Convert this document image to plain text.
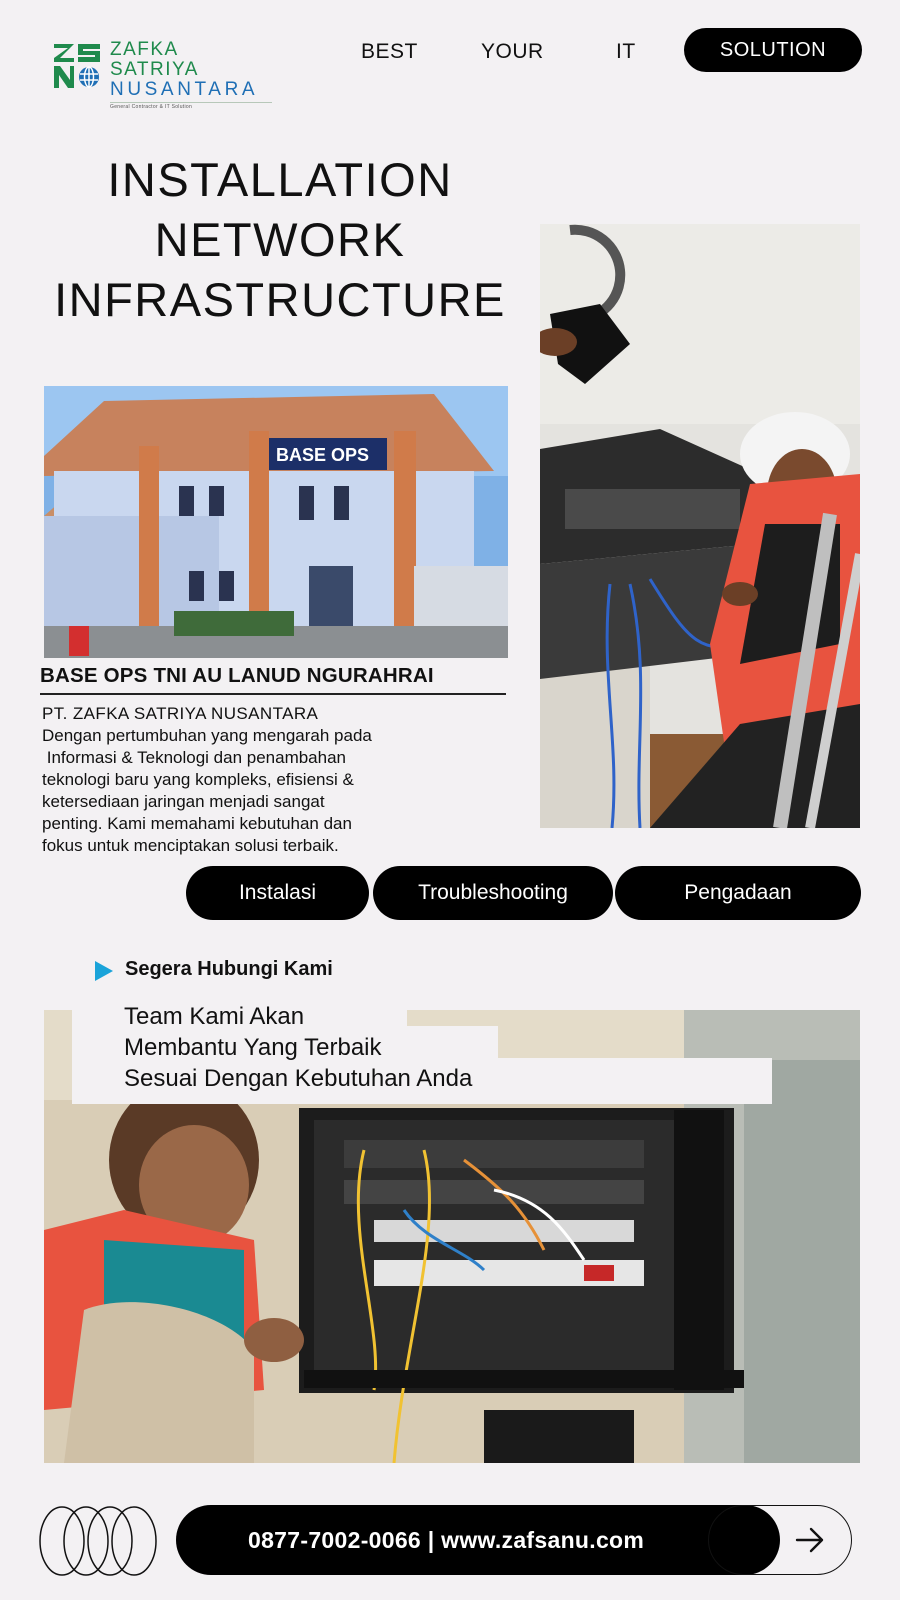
ZAFKA SATRIYA
NUSANTARA
General Contractor & IT Solution
BEST	YOUR	IT	SOLUTION
INSTALLATION
NETWORK
INFRASTRUCTURE
BASE OPS
BASE OPS TNI AU LANUD NGURAHRAI
PT. ZAFKA SATRIYA NUSANTARA
Dengan pertumbuhan yang mengarah pada
Informasi & Teknologi dan penambahan
teknologi baru yang kompleks, efisiensi &
ketersediaan jaringan menjadi sangat
penting. Kami memahami kebutuhan dan
fokus untuk menciptakan solusi terbaik.
Instalasi	Troubleshooting	Pengadaan
Segera Hubungi Kami
Team Kami Akan
Membantu Yang Terbaik
Sesuai Dengan Kebutuhan Anda
0877-7002-0066 | www.zafsanu.com
